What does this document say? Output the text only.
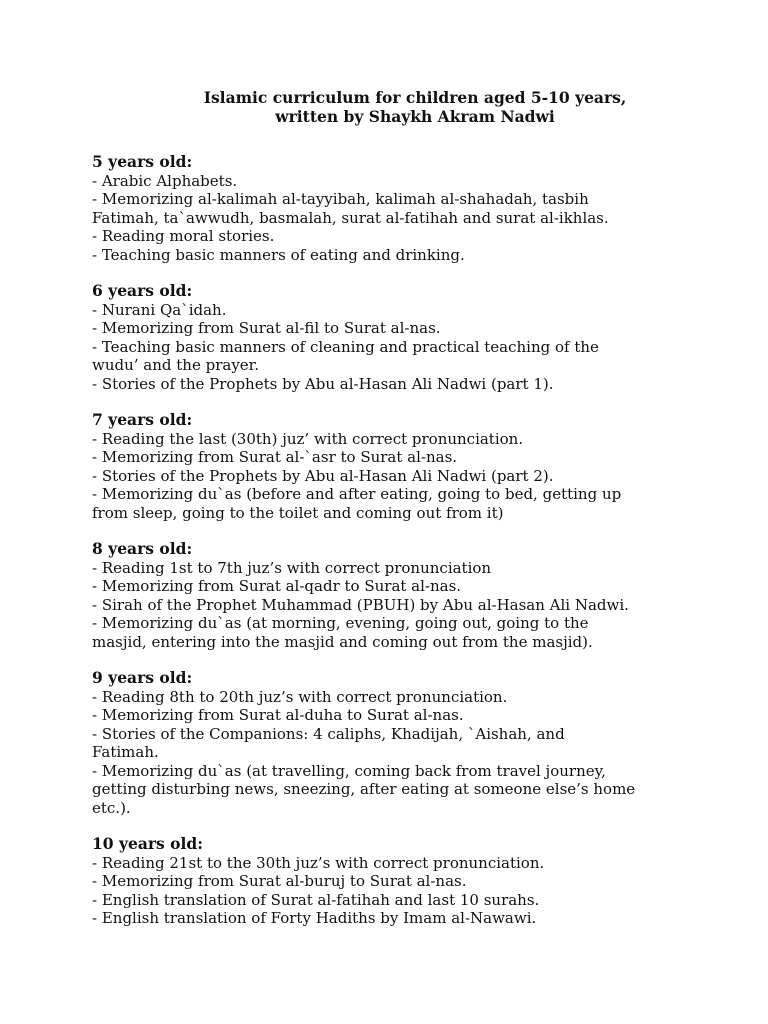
Islamic curriculum for children aged 5-10 years,
written by Shaykh Akram Nadwi
5 years old:
- Arabic Alphabets.
- Memorizing al-kalimah al-tayyibah, kalimah al-shahadah, tasbih
Fatimah, ta`awwudh, basmalah, surat al-fatihah and surat al-ikhlas.
- Reading moral stories.
- Teaching basic manners of eating and drinking.
6 years old:
- Nurani Qa`idah.
- Memorizing from Surat al-fil to Surat al-nas.
- Teaching basic manners of cleaning and practical teaching of the
wudu’ and the prayer.
- Stories of the Prophets by Abu al-Hasan Ali Nadwi (part 1).
7 years old:
- Reading the last (30th) juz’ with correct pronunciation.
- Memorizing from Surat al-`asr to Surat al-nas.
- Stories of the Prophets by Abu al-Hasan Ali Nadwi (part 2).
- Memorizing du`as (before and after eating, going to bed, getting up
from sleep, going to the toilet and coming out from it)
8 years old:
- Reading 1st to 7th juz’s with correct pronunciation
- Memorizing from Surat al-qadr to Surat al-nas.
- Sirah of the Prophet Muhammad (PBUH) by Abu al-Hasan Ali Nadwi.
- Memorizing du`as (at morning, evening, going out, going to the
masjid, entering into the masjid and coming out from the masjid).
9 years old:
- Reading 8th to 20th juz’s with correct pronunciation.
- Memorizing from Surat al-duha to Surat al-nas.
- Stories of the Companions: 4 caliphs, Khadijah, `Aishah, and
Fatimah.
- Memorizing du`as (at travelling, coming back from travel journey,
getting disturbing news, sneezing, after eating at someone else’s home
etc.).
10 years old:
- Reading 21st to the 30th juz’s with correct pronunciation.
- Memorizing from Surat al-buruj to Surat al-nas.
- English translation of Surat al-fatihah and last 10 surahs.
- English translation of Forty Hadiths by Imam al-Nawawi.
